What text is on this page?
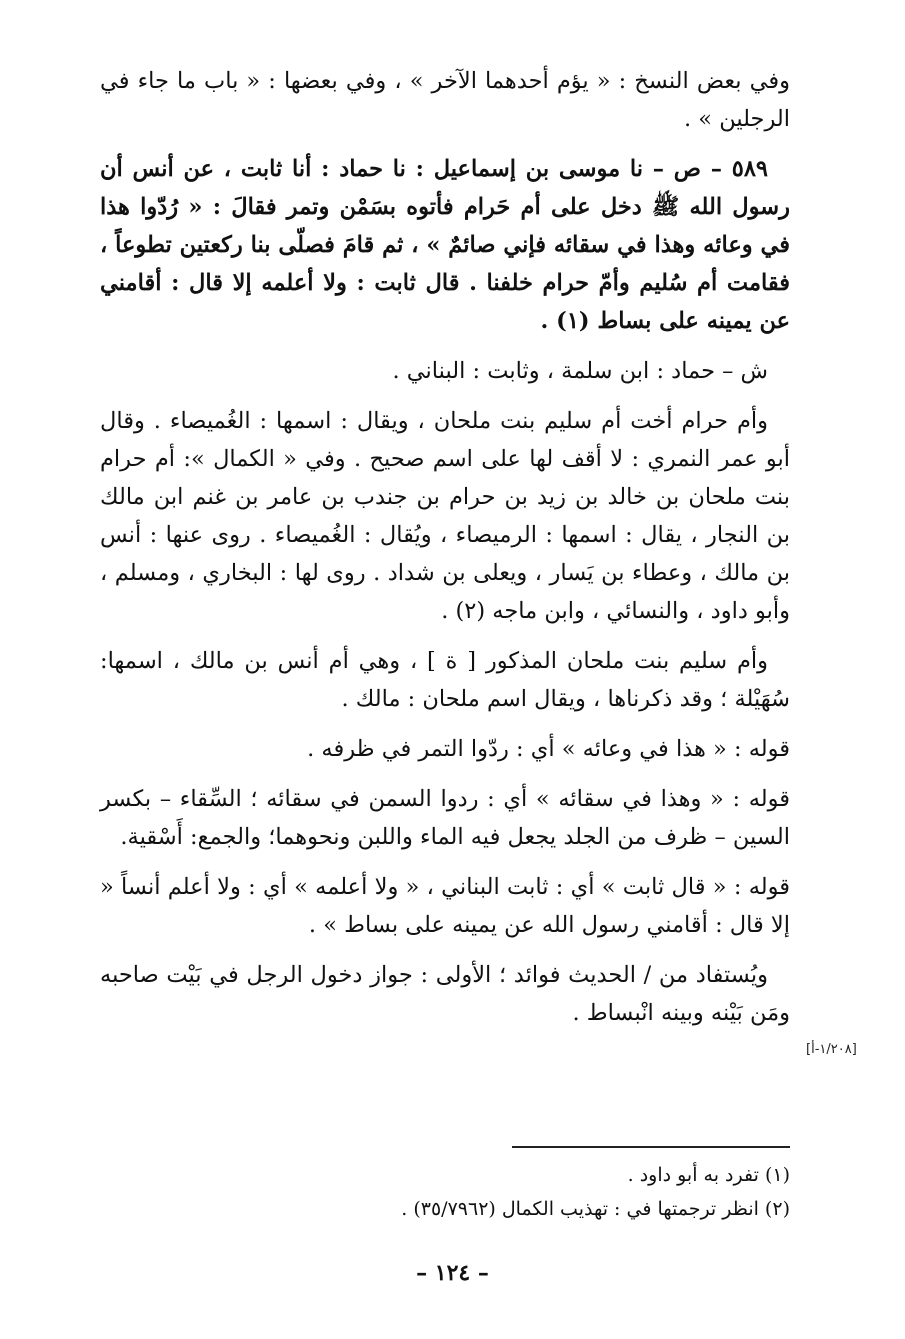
وفي بعض النسخ : « يؤم أحدهما الآخر » ، وفي بعضها : « باب ما جاء في الرجلين » .

٥٨٩ – ص – نا موسى بن إسماعيل : نا حماد : أنا ثابت ، عن أنس أن رسول الله ﷺ دخل على أم حَرام فأتوه بسَمْن وتمر فقالَ : « رُدّوا هذا في وعائه وهذا في سقائه فإني صائمٌ » ، ثم قامَ فصلّى بنا ركعتين تطوعاً ، فقامت أم سُليم وأمّ حرام خلفنا . قال ثابت : ولا أعلمه إلا قال : أقامني عن يمينه على بساط (١) .

ش – حماد : ابن سلمة ، وثابت : البناني .

وأم حرام أخت أم سليم بنت ملحان ، ويقال : اسمها : الغُميصاء . وقال أبو عمر النمري : لا أقف لها على اسم صحيح . وفي « الكمال »: أم حرام بنت ملحان بن خالد بن زيد بن حرام بن جندب بن عامر بن غنم ابن مالك بن النجار ، يقال : اسمها : الرميصاء ، ويُقال : الغُميصاء . روى عنها : أنس بن مالك ، وعطاء بن يَسار ، ويعلى بن شداد . روى لها : البخاري ، ومسلم ، وأبو داود ، والنسائي ، وابن ماجه (٢) .

وأم سليم بنت ملحان المذكور [ ة ] ، وهي أم أنس بن مالك ، اسمها: سُهَيْلة ؛ وقد ذكرناها ، ويقال اسم ملحان : مالك .

قوله : « هذا في وعائه » أي : ردّوا التمر في ظرفه .

قوله : « وهذا في سقائه » أي : ردوا السمن في سقائه ؛ السِّقاء – بكسر السين – ظرف من الجلد يجعل فيه الماء واللبن ونحوهما؛ والجمع: أَسْقية.

قوله : « قال ثابت » أي : ثابت البناني ، « ولا أعلمه » أي : ولا أعلم أنساً « إلا قال : أقامني رسول الله عن يمينه على بساط » .

ويُستفاد من / الحديث فوائد ؛ الأولى : جواز دخول الرجل في بَيْت صاحبه ومَن بَيْنه وبينه انْبساط .

[١/٢٠٨-أ]
(١) تفرد به أبو داود .
(٢) انظر ترجمتها في : تهذيب الكمال (٣٥/٧٩٦٢) .
– ١٢٤ –
